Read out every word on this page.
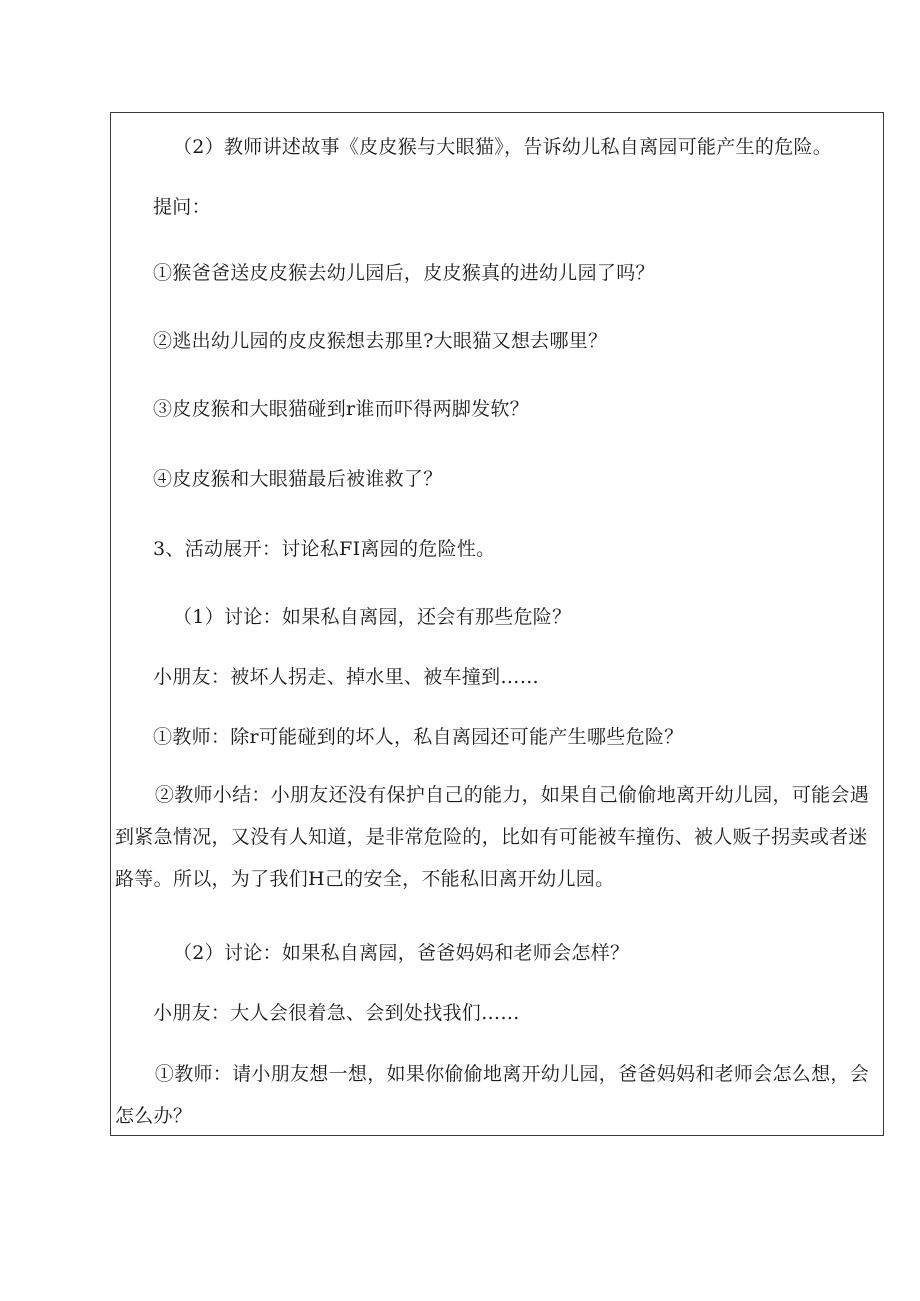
（2）教师讲述故事《皮皮猴与大眼猫》，告诉幼儿私自离园可能产生的危险。
提问：
①猴爸爸送皮皮猴去幼儿园后，皮皮猴真的进幼儿园了吗？
②逃出幼儿园的皮皮猴想去那里?大眼猫又想去哪里？
③皮皮猴和大眼猫碰到r谁而吓得两脚发软？
④皮皮猴和大眼猫最后被谁救了？
3、活动展开：讨论私FI离园的危险性。
（1）讨论：如果私自离园，还会有那些危险？
小朋友：被坏人拐走、掉水里、被车撞到……
①教师：除r可能碰到的坏人，私自离园还可能产生哪些危险？
②教师小结：小朋友还没有保护自己的能力，如果自己偷偷地离开幼儿园，可能会遇到紧急情况，又没有人知道，是非常危险的，比如有可能被车撞伤、被人贩子拐卖或者迷路等。所以，为了我们H己的安全，不能私旧离开幼儿园。
（2）讨论：如果私自离园，爸爸妈妈和老师会怎样？
小朋友：大人会很着急、会到处找我们……
①教师：请小朋友想一想，如果你偷偷地离开幼儿园，爸爸妈妈和老师会怎么想，会怎么办？
